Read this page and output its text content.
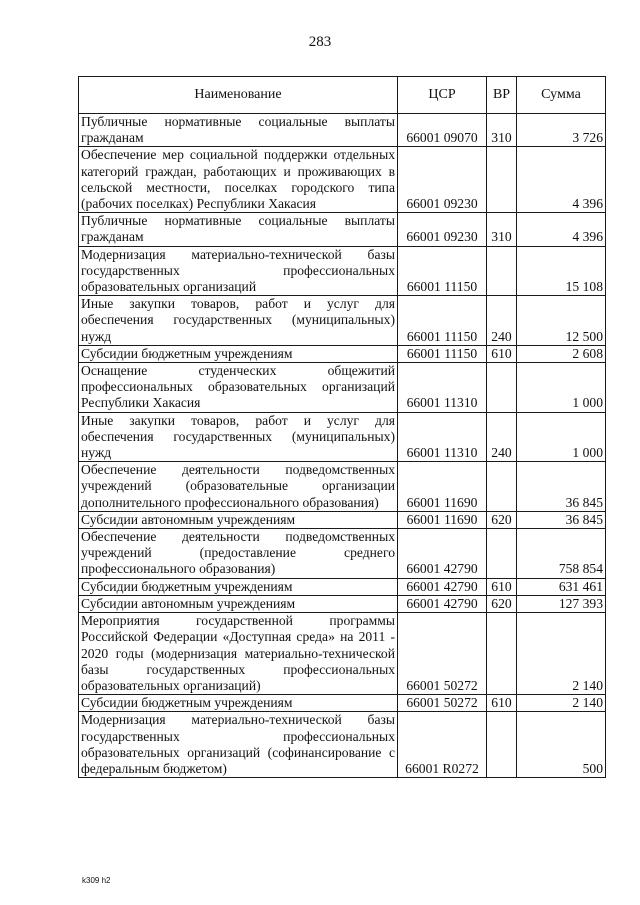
283
Наименование	ЦСР	ВР	Сумма
Публичные нормативные социальные выплаты гражданам	66001 09070	310	3 726
Обеспечение мер социальной поддержки отдельных категорий граждан, работающих и проживающих в сельской местности, поселках городского типа (рабочих поселках) Республики Хакасия	66001 09230		4 396
Публичные нормативные социальные выплаты гражданам	66001 09230	310	4 396
Модернизация материально-технической базы государственных профессиональных образовательных организаций	66001 11150		15 108
Иные закупки товаров, работ и услуг для обеспечения государственных (муниципальных) нужд	66001 11150	240	12 500
Субсидии бюджетным учреждениям	66001 11150	610	2 608
Оснащение студенческих общежитий профессиональных образовательных организаций Республики Хакасия	66001 11310		1 000
Иные закупки товаров, работ и услуг для обеспечения государственных (муниципальных) нужд	66001 11310	240	1 000
Обеспечение деятельности подведомственных учреждений (образовательные организации дополнительного профессионального образования)	66001 11690		36 845
Субсидии автономным учреждениям	66001 11690	620	36 845
Обеспечение деятельности подведомственных учреждений (предоставление среднего профессионального образования)	66001 42790		758 854
Субсидии бюджетным учреждениям	66001 42790	610	631 461
Субсидии автономным учреждениям	66001 42790	620	127 393
Мероприятия государственной программы Российской Федерации «Доступная среда» на 2011 - 2020 годы (модернизация материально-технической базы государственных профессиональных образовательных организаций)	66001 50272		2 140
Субсидии бюджетным учреждениям	66001 50272	610	2 140
Модернизация материально-технической базы государственных профессиональных образовательных организаций (софинансирование с федеральным бюджетом)	66001 R0272		500
k309 h2
